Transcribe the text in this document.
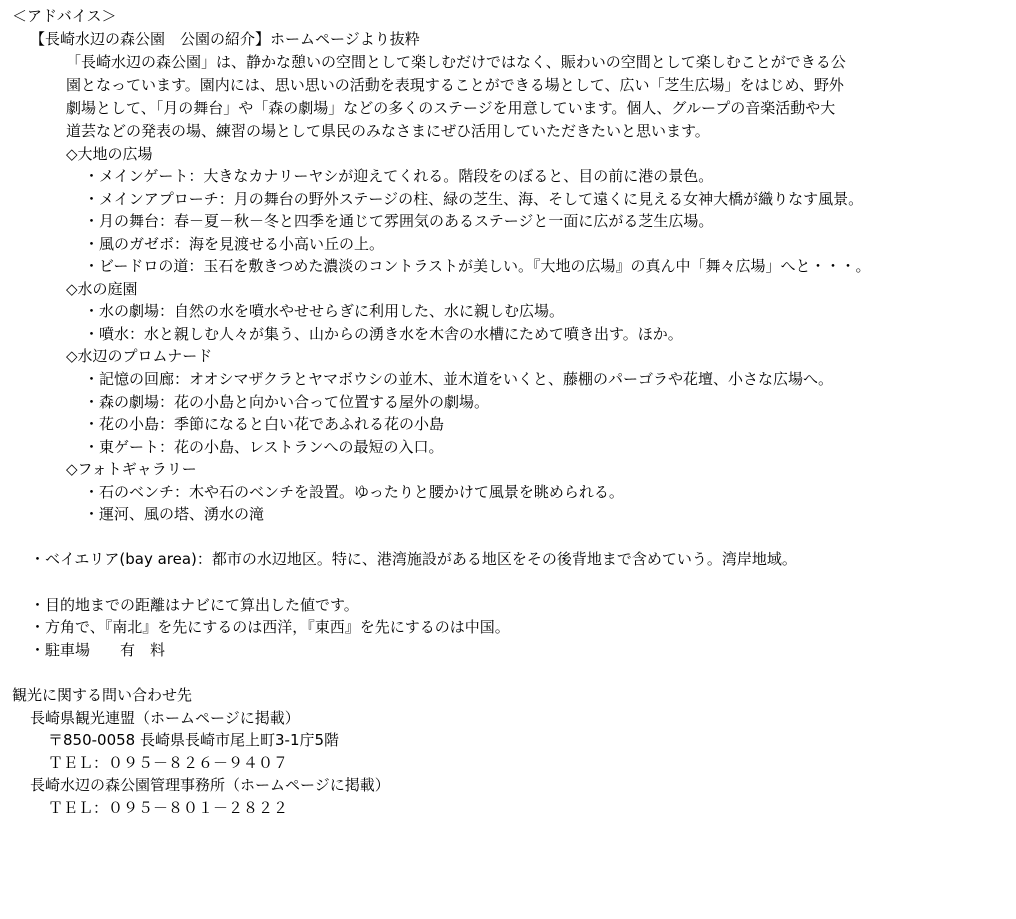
＜アドバイス＞
【長崎水辺の森公園　公園の紹介】ホームページより抜粋
「長崎水辺の森公園」は、静かな憩いの空間として楽しむだけではなく、賑わいの空間として楽しむことができる公
園となっています。園内には、思い思いの活動を表現することができる場として、広い「芝生広場」をはじめ、野外
劇場として、「月の舞台」や「森の劇場」などの多くのステージを用意しています。個人、グループの音楽活動や大
道芸などの発表の場、練習の場として県民のみなさまにぜひ活用していただきたいと思います。
◇大地の広場
・メインゲート：大きなカナリーヤシが迎えてくれる。階段をのぼると、目の前に港の景色。
・メインアプローチ：月の舞台の野外ステージの柱、緑の芝生、海、そして遠くに見える女神大橋が織りなす風景。
・月の舞台：春－夏－秋－冬と四季を通じて雰囲気のあるステージと一面に広がる芝生広場。
・風のガゼボ：海を見渡せる小高い丘の上。
・ビードロの道：玉石を敷きつめた濃淡のコントラストが美しい。『大地の広場』の真ん中「舞々広場」へと・・・。
◇水の庭園
・水の劇場：自然の水を噴水やせせらぎに利用した、水に親しむ広場。
・噴水：水と親しむ人々が集う、山からの湧き水を木舎の水槽にためて噴き出す。ほか。
◇水辺のプロムナード
・記憶の回廊：オオシマザクラとヤマボウシの並木、並木道をいくと、藤棚のパーゴラや花壇、小さな広場へ。
・森の劇場：花の小島と向かい合って位置する屋外の劇場。
・花の小島：季節になると白い花であふれる花の小島
・東ゲート：花の小島、レストランへの最短の入口。
◇フォトギャラリー
・石のベンチ：木や石のベンチを設置。ゆったりと腰かけて風景を眺められる。
・運河、風の塔、湧水の滝
・ベイエリア(bay area)：都市の水辺地区。特に、港湾施設がある地区をその後背地まで含めていう。湾岸地域。
・目的地までの距離はナビにて算出した値です。
・方角で、『南北』を先にするのは西洋，『東西』を先にするのは中国。
・駐車場　　有　料
観光に関する問い合わせ先
長崎県観光連盟（ホームページに掲載）
〒850-0058 長崎県長崎市尾上町3-1庁5階
ＴＥＬ：０９５－８２６－９４０７
長崎水辺の森公園管理事務所（ホームページに掲載）
ＴＥＬ：０９５－８０１－２８２２
